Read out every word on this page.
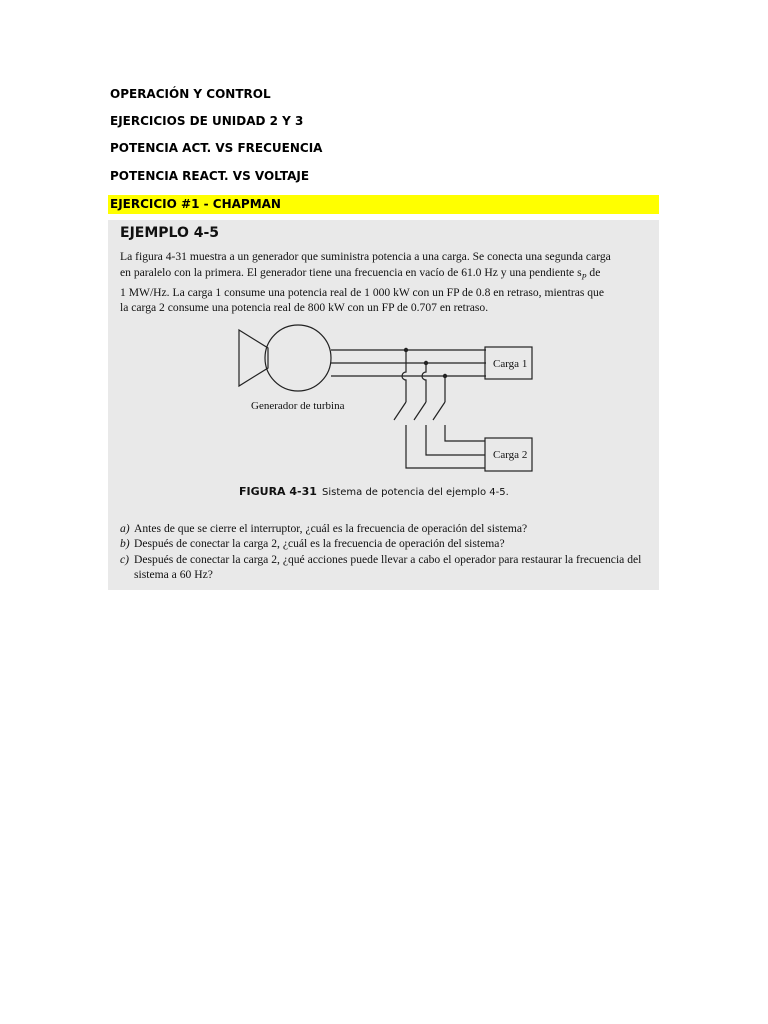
OPERACIÓN Y CONTROL
EJERCICIOS DE UNIDAD 2 Y 3
POTENCIA ACT. VS FRECUENCIA
POTENCIA REACT. VS VOLTAJE
EJERCICIO #1 - CHAPMAN
EJEMPLO 4-5
La figura 4-31 muestra a un generador que suministra potencia a una carga. Se conecta una segunda carga
en paralelo con la primera. El generador tiene una frecuencia en vacío de 61.0 Hz y una pendiente $s_P$ de
1 MW/Hz. La carga 1 consume una potencia real de 1 000 kW con un FP de 0.8 en retraso, mientras que
la carga 2 consume una potencia real de 800 kW con un FP de 0.707 en retraso.
Carga 1
Carga 2
Generador de turbina
FIGURA 4-31 Sistema de potencia del ejemplo 4-5.
a) Antes de que se cierre el interruptor, ¿cuál es la frecuencia de operación del sistema?
b) Después de conectar la carga 2, ¿cuál es la frecuencia de operación del sistema?
c) Después de conectar la carga 2, ¿qué acciones puede llevar a cabo el operador para restaurar la frecuencia del sistema a 60 Hz?
